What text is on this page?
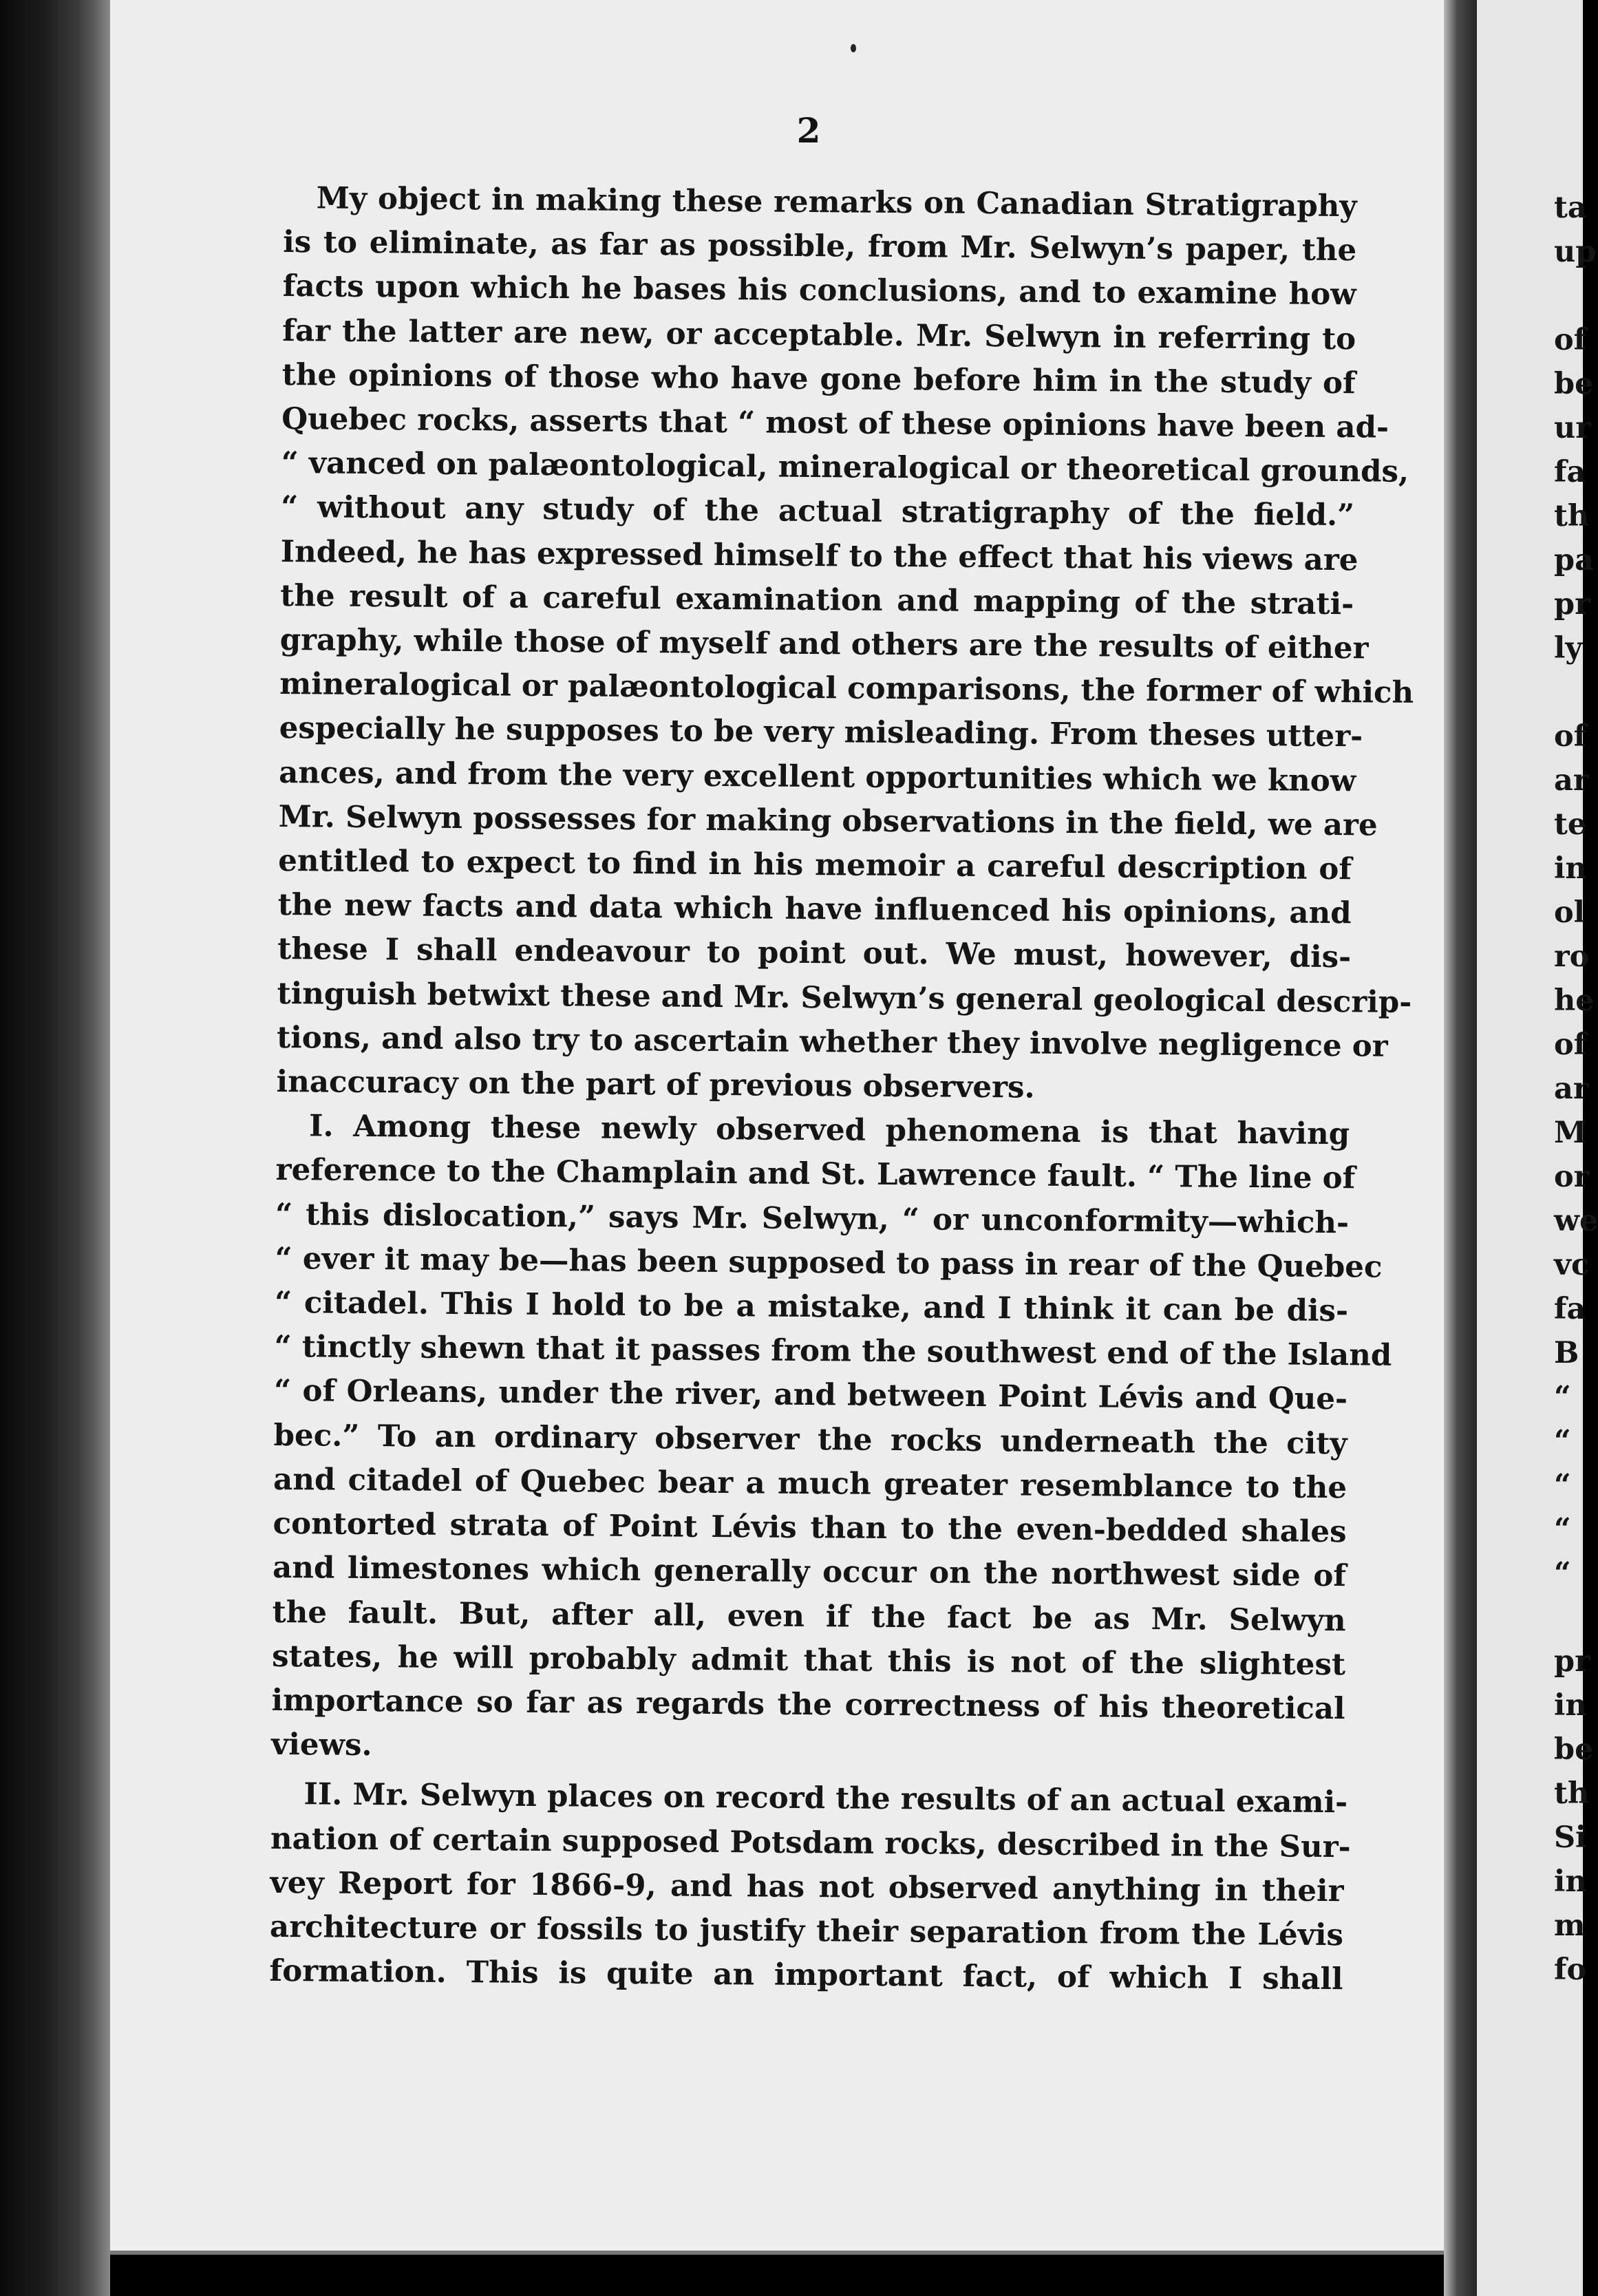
2
My object in making these remarks on Canadian Stratigraphy
is to eliminate, as far as possible, from Mr. Selwyn’s paper, the
facts upon which he bases his conclusions, and to examine how
far the latter are new, or acceptable. Mr. Selwyn in referring to
the opinions of those who have gone before him in the study of
Quebec rocks, asserts that “ most of these opinions have been ad-
“ vanced on palæontological, mineralogical or theoretical grounds,
“ without any study of the actual stratigraphy of the field.”
Indeed, he has expressed himself to the effect that his views are
the result of a careful examination and mapping of the strati-
graphy, while those of myself and others are the results of either
mineralogical or palæontological comparisons, the former of which
especially he supposes to be very misleading. From theses utter-
ances, and from the very excellent opportunities which we know
Mr. Selwyn possesses for making observations in the field, we are
entitled to expect to find in his memoir a careful description of
the new facts and data which have influenced his opinions, and
these I shall endeavour to point out. We must, however, dis-
tinguish betwixt these and Mr. Selwyn’s general geological descrip-
tions, and also try to ascertain whether they involve negligence or
inaccuracy on the part of previous observers.
I. Among these newly observed phenomena is that having
reference to the Champlain and St. Lawrence fault. “ The line of
“ this dislocation,” says Mr. Selwyn, “ or unconformity—which-
“ ever it may be—has been supposed to pass in rear of the Quebec
“ citadel. This I hold to be a mistake, and I think it can be dis-
“ tinctly shewn that it passes from the southwest end of the Island
“ of Orleans, under the river, and between Point Lévis and Que-
bec.” To an ordinary observer the rocks underneath the city
and citadel of Quebec bear a much greater resemblance to the
contorted strata of Point Lévis than to the even-bedded shales
and limestones which generally occur on the northwest side of
the fault. But, after all, even if the fact be as Mr. Selwyn
states, he will probably admit that this is not of the slightest
importance so far as regards the correctness of his theoretical
views.
II. Mr. Selwyn places on record the results of an actual exami-
nation of certain supposed Potsdam rocks, described in the Sur-
vey Report for 1866-9, and has not observed anything in their
architecture or fossils to justify their separation from the Lévis
formation. This is quite an important fact, of which I shall
ta
up

of
be
ur
fa
th
pa
pr
ly

of
ar
te
in
ol
ro
he
of
ar
M
or
we
vc
fa
B
“
“
“
“
“

pr
in
be
th
Si
in
m
fo
